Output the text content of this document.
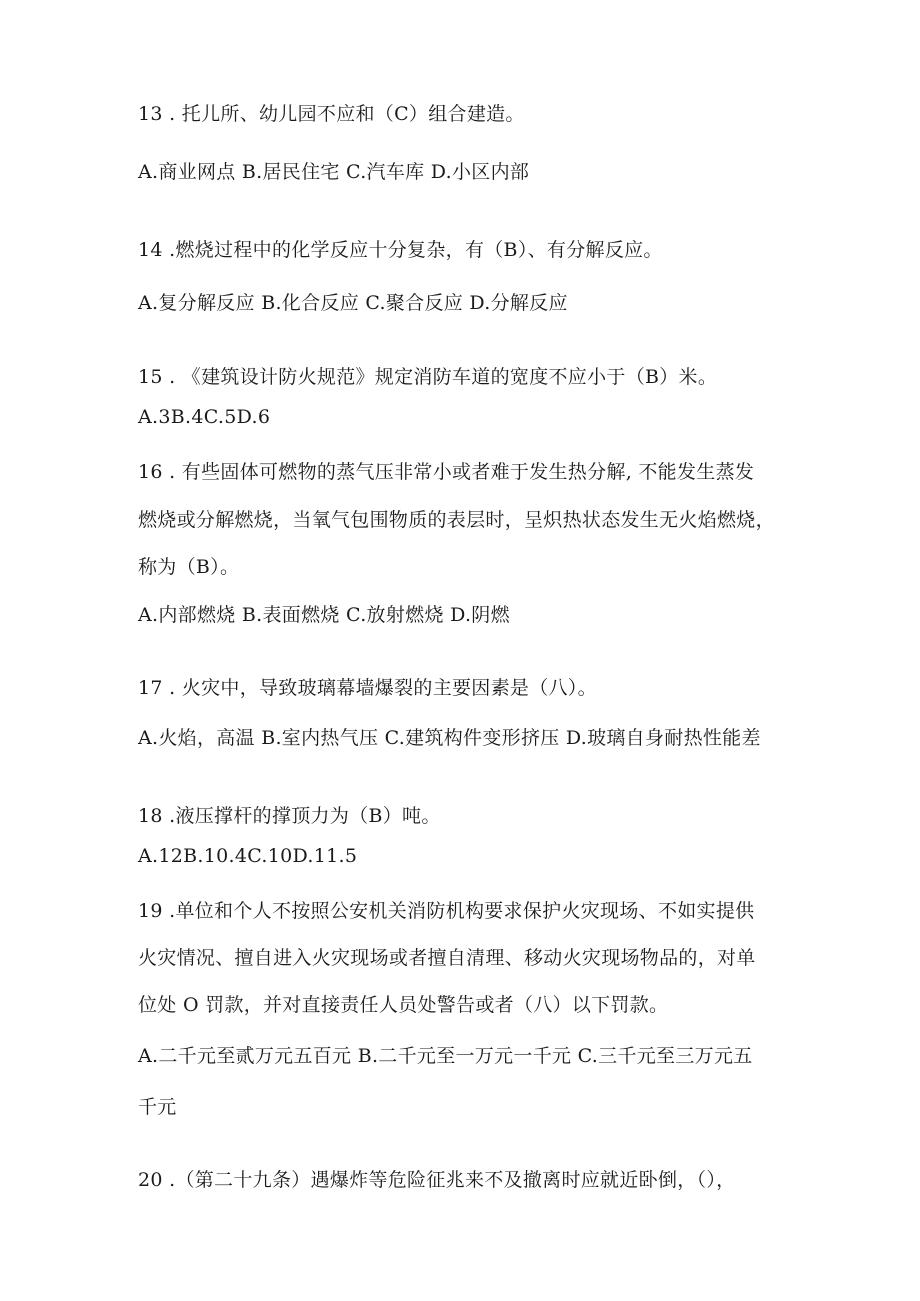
13 . 托儿所、幼儿园不应和（C）组合建造。
A.商业网点 B.居民住宅 C.汽车库 D.小区内部
14 .燃烧过程中的化学反应十分复杂，有（B）、有分解反应。
A.复分解反应 B.化合反应 C.聚合反应 D.分解反应
15 . 《建筑设计防火规范》规定消防车道的宽度不应小于（B）米。
A.3B.4C.5D.6
16 . 有些固体可燃物的蒸气压非常小或者难于发生热分解, 不能发生蒸发
燃烧或分解燃烧，当氧气包围物质的表层时，呈炽热状态发生无火焰燃烧，
称为（B）。
A.内部燃烧 B.表面燃烧 C.放射燃烧 D.阴燃
17 . 火灾中，导致玻璃幕墙爆裂的主要因素是（八）。
A.火焰，高温 B.室内热气压 C.建筑构件变形挤压 D.玻璃自身耐热性能差
18 .液压撑杆的撑顶力为（B）吨。
A.12B.10.4C.10D.11.5
19 .单位和个人不按照公安机关消防机构要求保护火灾现场、不如实提供
火灾情况、擅自进入火灾现场或者擅自清理、移动火灾现场物品的，对单
位处 O 罚款，并对直接责任人员处警告或者（八）以下罚款。
A.二千元至贰万元五百元 B.二千元至一万元一千元 C.三千元至三万元五
千元
20 .（第二十九条）遇爆炸等危险征兆来不及撤离时应就近卧倒，（），
